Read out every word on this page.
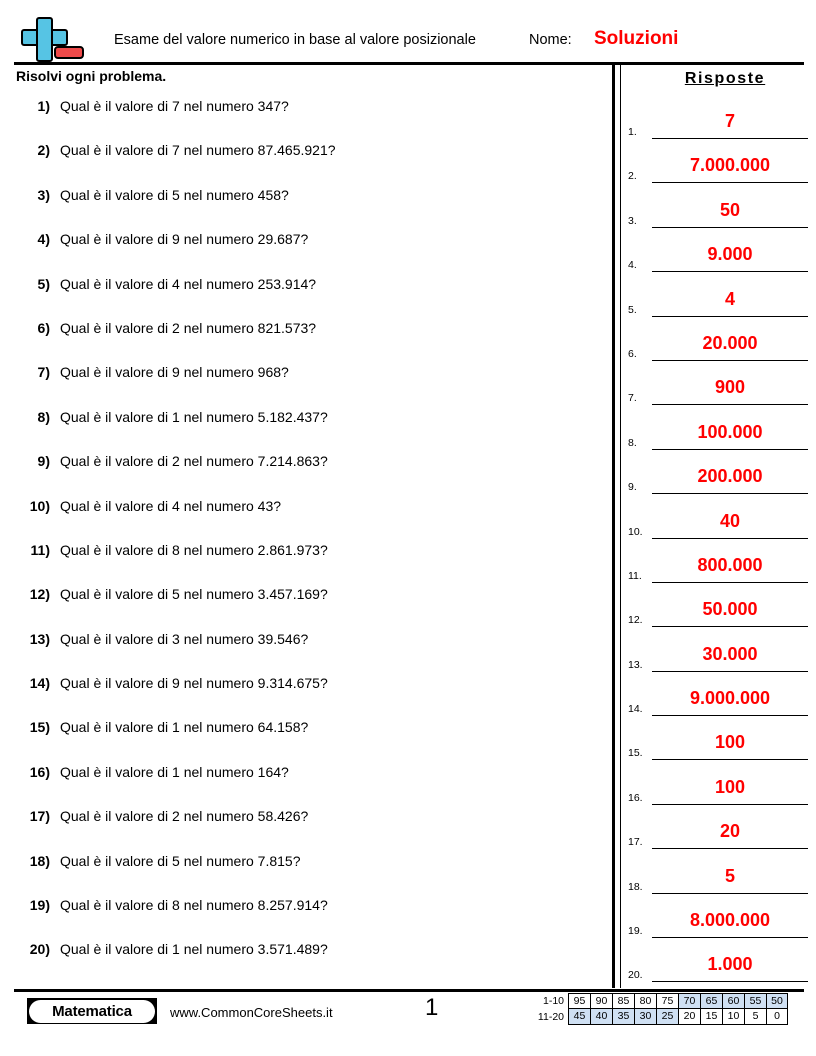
Esame del valore numerico in base al valore posizionale	Nome: Soluzioni
Risolvi ogni problema.
1) Qual è il valore di 7 nel numero 347?
2) Qual è il valore di 7 nel numero 87.465.921?
3) Qual è il valore di 5 nel numero 458?
4) Qual è il valore di 9 nel numero 29.687?
5) Qual è il valore di 4 nel numero 253.914?
6) Qual è il valore di 2 nel numero 821.573?
7) Qual è il valore di 9 nel numero 968?
8) Qual è il valore di 1 nel numero 5.182.437?
9) Qual è il valore di 2 nel numero 7.214.863?
10) Qual è il valore di 4 nel numero 43?
11) Qual è il valore di 8 nel numero 2.861.973?
12) Qual è il valore di 5 nel numero 3.457.169?
13) Qual è il valore di 3 nel numero 39.546?
14) Qual è il valore di 9 nel numero 9.314.675?
15) Qual è il valore di 1 nel numero 64.158?
16) Qual è il valore di 1 nel numero 164?
17) Qual è il valore di 2 nel numero 58.426?
18) Qual è il valore di 5 nel numero 7.815?
19) Qual è il valore di 8 nel numero 8.257.914?
20) Qual è il valore di 1 nel numero 3.571.489?
Risposte
1.
7
2.
7.000.000
3.
50
4.
9.000
5.
4
6.
20.000
7.
900
8.
100.000
9.
200.000
10.
40
11.
800.000
12.
50.000
13.
30.000
14.
9.000.000
15.
100
16.
100
17.
20
18.
5
19.
8.000.000
20.
1.000
Matematica	www.CommonCoreSheets.it	1	1-10 95 90 85 80 75 70 65 60 55 50
11-20 45 40 35 30 25 20 15 10	5	0
